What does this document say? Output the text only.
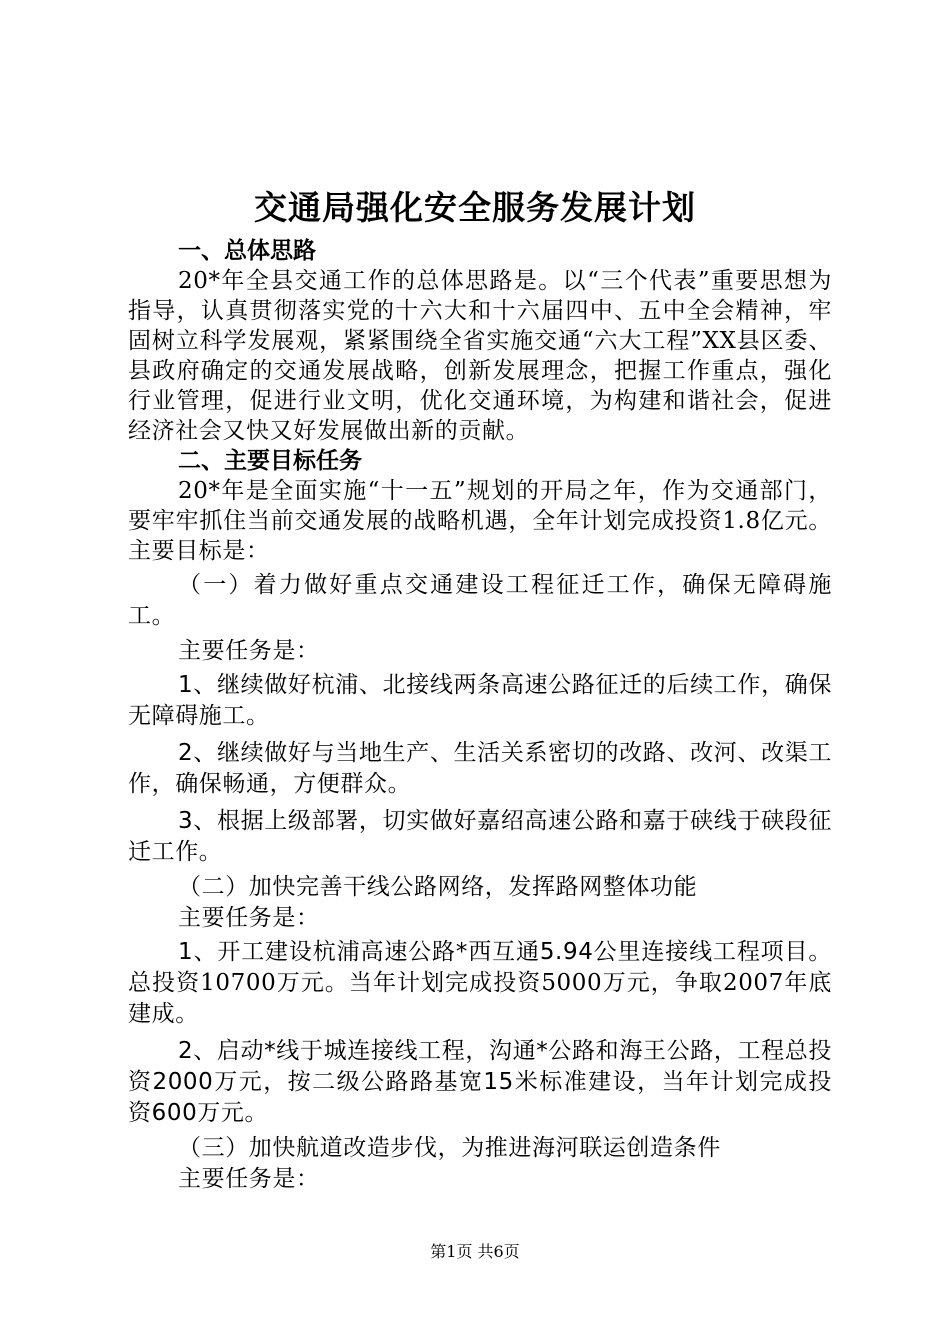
交通局强化安全服务发展计划

一、总体思路

20*年全县交通工作的总体思路是。以“三个代表”重要思想为指导，认真贯彻落实党的十六大和十六届四中、五中全会精神，牢固树立科学发展观，紧紧围绕全省实施交通“六大工程”XX县区委、县政府确定的交通发展战略，创新发展理念，把握工作重点，强化行业管理，促进行业文明，优化交通环境，为构建和谐社会，促进经济社会又快又好发展做出新的贡献。

二、主要目标任务

20*年是全面实施“十一五”规划的开局之年，作为交通部门，要牢牢抓住当前交通发展的战略机遇，全年计划完成投资1.8亿元。主要目标是：

（一）着力做好重点交通建设工程征迁工作，确保无障碍施工。

主要任务是：

1、继续做好杭浦、北接线两条高速公路征迁的后续工作，确保无障碍施工。

2、继续做好与当地生产、生活关系密切的改路、改河、改渠工作，确保畅通，方便群众。

3、根据上级部署，切实做好嘉绍高速公路和嘉于硖线于硖段征迁工作。

（二）加快完善干线公路网络，发挥路网整体功能

主要任务是：

1、开工建设杭浦高速公路*西互通5.94公里连接线工程项目。总投资10700万元。当年计划完成投资5000万元，争取2007年底建成。

2、启动*线于城连接线工程，沟通*公路和海王公路，工程总投资2000万元，按二级公路路基宽15米标准建设，当年计划完成投资600万元。

（三）加快航道改造步伐，为推进海河联运创造条件

主要任务是：

第1页 共6页
